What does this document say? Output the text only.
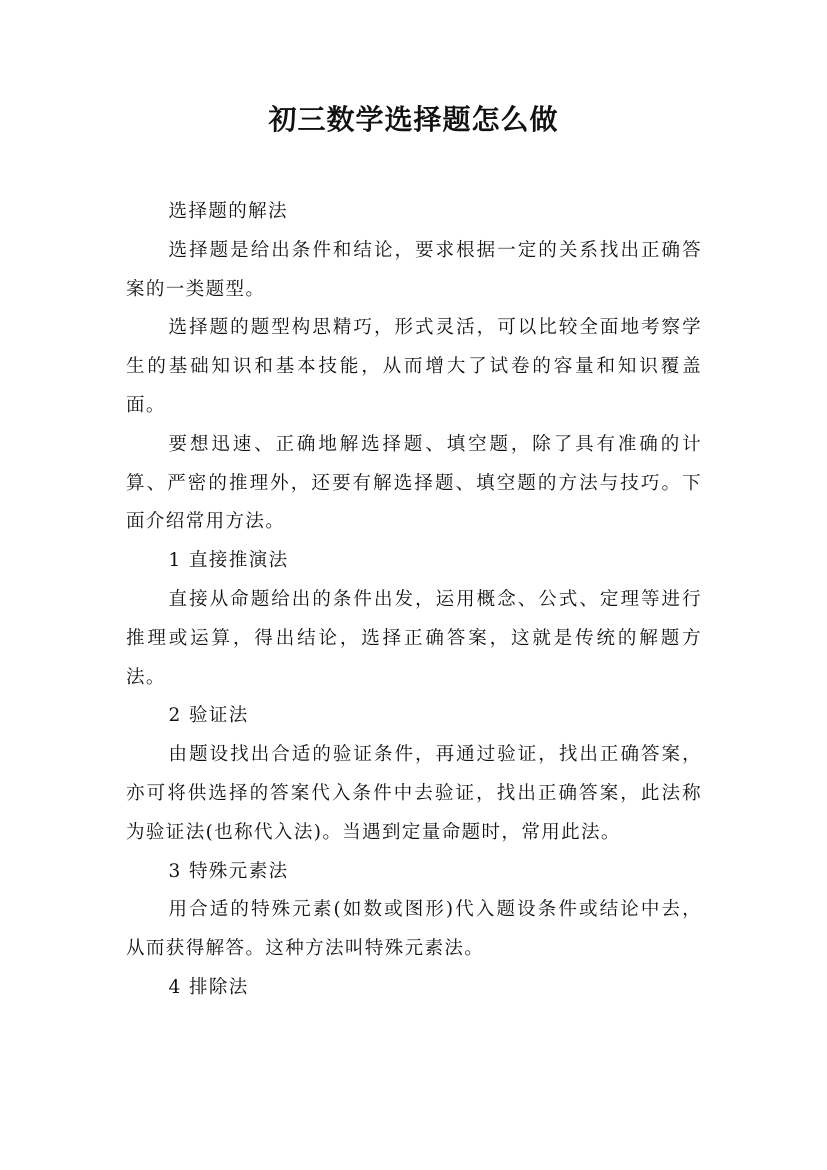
初三数学选择题怎么做

选择题的解法

选择题是给出条件和结论，要求根据一定的关系找出正确答案的一类题型。

选择题的题型构思精巧，形式灵活，可以比较全面地考察学生的基础知识和基本技能，从而增大了试卷的容量和知识覆盖面。

要想迅速、正确地解选择题、填空题，除了具有准确的计算、严密的推理外，还要有解选择题、填空题的方法与技巧。下面介绍常用方法。

1 直接推演法

直接从命题给出的条件出发，运用概念、公式、定理等进行推理或运算，得出结论，选择正确答案，这就是传统的解题方法。

2 验证法

由题设找出合适的验证条件，再通过验证，找出正确答案，亦可将供选择的答案代入条件中去验证，找出正确答案，此法称为验证法(也称代入法)。当遇到定量命题时，常用此法。

3 特殊元素法

用合适的特殊元素(如数或图形)代入题设条件或结论中去，从而获得解答。这种方法叫特殊元素法。

4 排除法
